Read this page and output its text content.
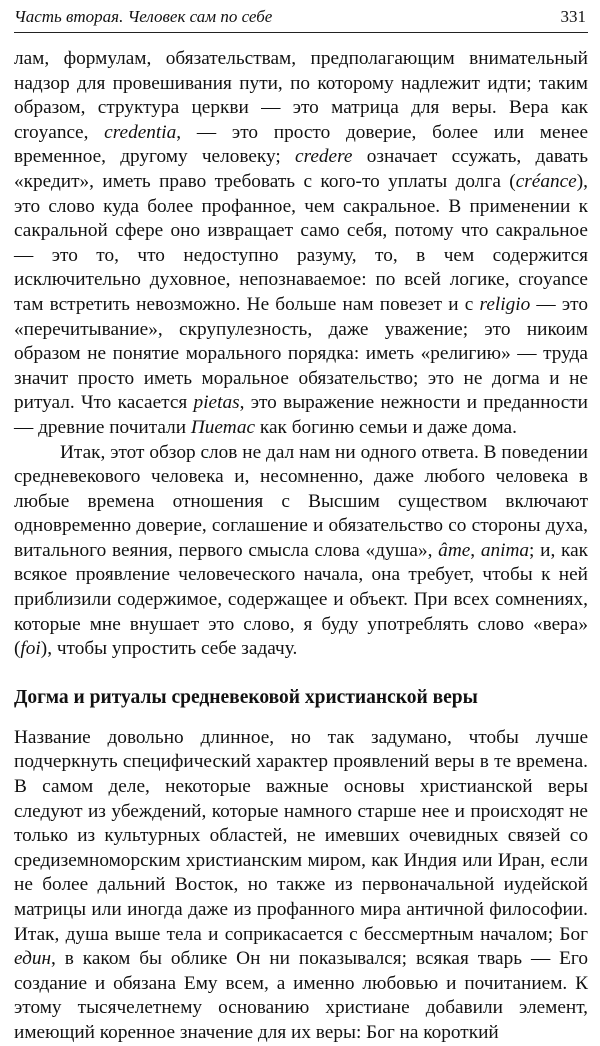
Часть вторая. Человек сам по себе	331

лам, формулам, обязательствам, предполагающим внимательный надзор для провешивания пути, по которому надлежит идти; таким образом, структура церкви — это матрица для веры. Вера как croyance, credentia, — это просто доверие, более или менее временное, другому человеку; credere означает ссужать, давать «кредит», иметь право требовать с кого-то уплаты долга (créance), это слово куда более профанное, чем сакральное. В применении к сакральной сфере оно извращает само себя, потому что сакральное — это то, что недоступно разуму, то, в чем содержится исключительно духовное, непознаваемое: по всей логике, croyance там встретить невозможно. Не больше нам повезет и с religio — это «перечитывание», скрупулезность, даже уважение; это никоим образом не понятие морального порядка: иметь «религию» — труда значит просто иметь моральное обязательство; это не догма и не ритуал. Что касается pietas, это выражение нежности и преданности — древние почитали Пиетас как богиню семьи и даже дома.

Итак, этот обзор слов не дал нам ни одного ответа. В поведении средневекового человека и, несомненно, даже любого человека в любые времена отношения с Высшим существом включают одновременно доверие, соглашение и обязательство со стороны духа, витального веяния, первого смысла слова «душа», âme, anima; и, как всякое проявление человеческого начала, она требует, чтобы к ней приблизили содержимое, содержащее и объект. При всех сомнениях, которые мне внушает это слово, я буду употреблять слово «вера» (foi), чтобы упростить себе задачу.

Догма и ритуалы средневековой христианской веры

Название довольно длинное, но так задумано, чтобы лучше подчеркнуть специфический характер проявлений веры в те времена. В самом деле, некоторые важные основы христианской веры следуют из убеждений, которые намного старше нее и происходят не только из культурных областей, не имевших очевидных связей со средиземноморским христианским миром, как Индия или Иран, если не более дальний Восток, но также из первоначальной иудейской матрицы или иногда даже из профанного мира античной философии. Итак, душа выше тела и соприкасается с бессмертным началом; Бог един, в каком бы облике Он ни показывался; всякая тварь — Его создание и обязана Ему всем, а именно любовью и почитанием. К этому тысячелетнему основанию христиане добавили элемент, имеющий коренное значение для их веры: Бог на короткий
